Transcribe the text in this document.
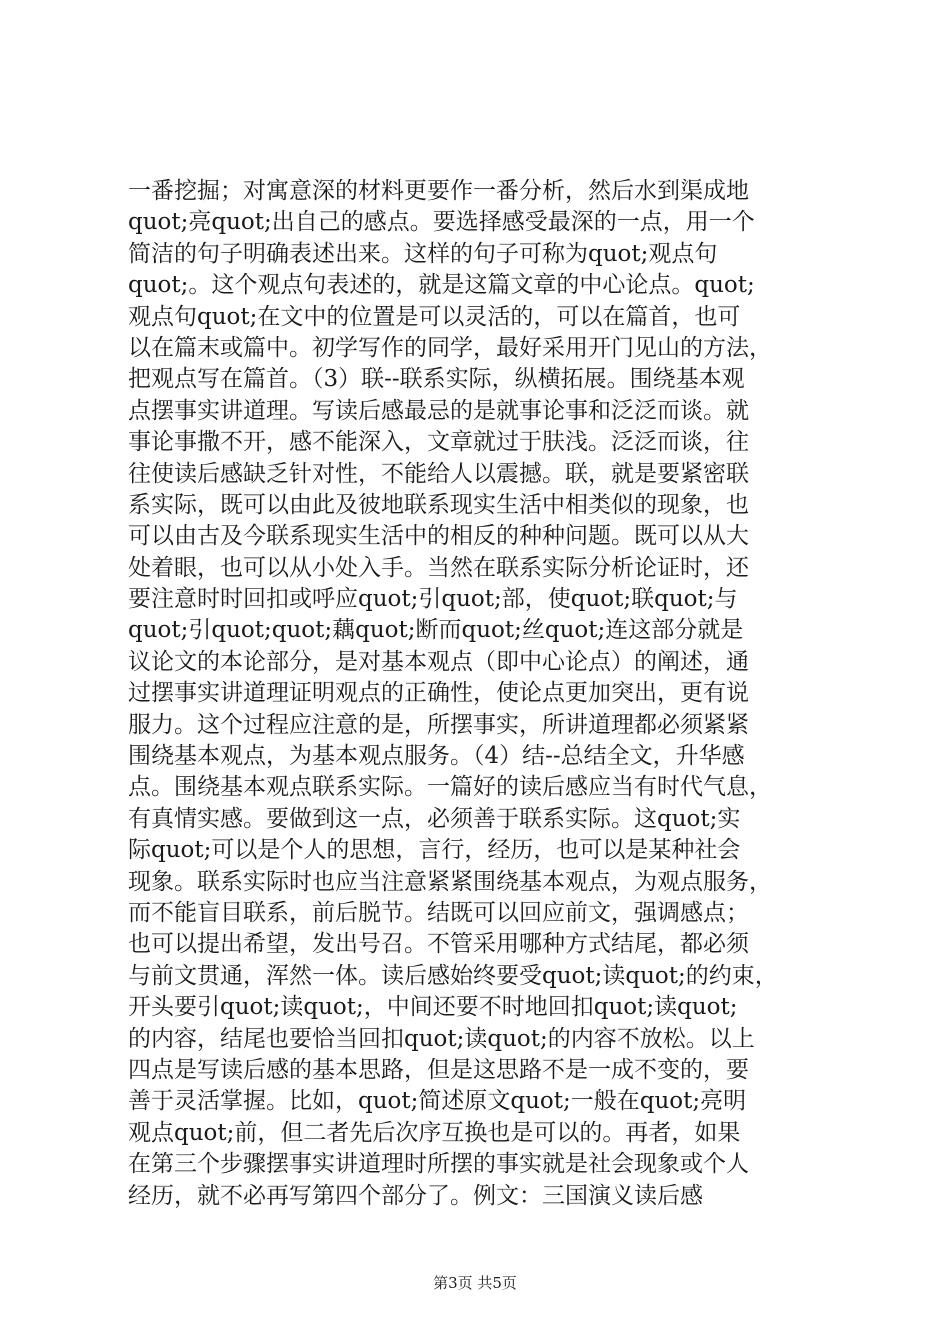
一番挖掘；对寓意深的材料更要作一番分析，然后水到渠成地
quot;亮quot;出自己的感点。要选择感受最深的一点，用一个
简洁的句子明确表述出来。这样的句子可称为quot;观点句
quot;。这个观点句表述的，就是这篇文章的中心论点。quot;
观点句quot;在文中的位置是可以灵活的，可以在篇首，也可
以在篇末或篇中。初学写作的同学，最好采用开门见山的方法，
把观点写在篇首。（3）联--联系实际，纵横拓展。围绕基本观
点摆事实讲道理。写读后感最忌的是就事论事和泛泛而谈。就
事论事撒不开，感不能深入，文章就过于肤浅。泛泛而谈，往
往使读后感缺乏针对性，不能给人以震撼。联，就是要紧密联
系实际，既可以由此及彼地联系现实生活中相类似的现象，也
可以由古及今联系现实生活中的相反的种种问题。既可以从大
处着眼，也可以从小处入手。当然在联系实际分析论证时，还
要注意时时回扣或呼应quot;引quot;部，使quot;联quot;与
quot;引quot;quot;藕quot;断而quot;丝quot;连这部分就是
议论文的本论部分，是对基本观点（即中心论点）的阐述，通
过摆事实讲道理证明观点的正确性，使论点更加突出，更有说
服力。这个过程应注意的是，所摆事实，所讲道理都必须紧紧
围绕基本观点，为基本观点服务。（4）结--总结全文，升华感
点。围绕基本观点联系实际。一篇好的读后感应当有时代气息，
有真情实感。要做到这一点，必须善于联系实际。这quot;实
际quot;可以是个人的思想，言行，经历，也可以是某种社会
现象。联系实际时也应当注意紧紧围绕基本观点，为观点服务，
而不能盲目联系，前后脱节。结既可以回应前文，强调感点；
也可以提出希望，发出号召。不管采用哪种方式结尾，都必须
与前文贯通，浑然一体。读后感始终要受quot;读quot;的约束，
开头要引quot;读quot;，中间还要不时地回扣quot;读quot;
的内容，结尾也要恰当回扣quot;读quot;的内容不放松。以上
四点是写读后感的基本思路，但是这思路不是一成不变的，要
善于灵活掌握。比如，quot;简述原文quot;一般在quot;亮明
观点quot;前，但二者先后次序互换也是可以的。再者，如果
在第三个步骤摆事实讲道理时所摆的事实就是社会现象或个人
经历，就不必再写第四个部分了。例文：三国演义读后感
第3页 共5页
